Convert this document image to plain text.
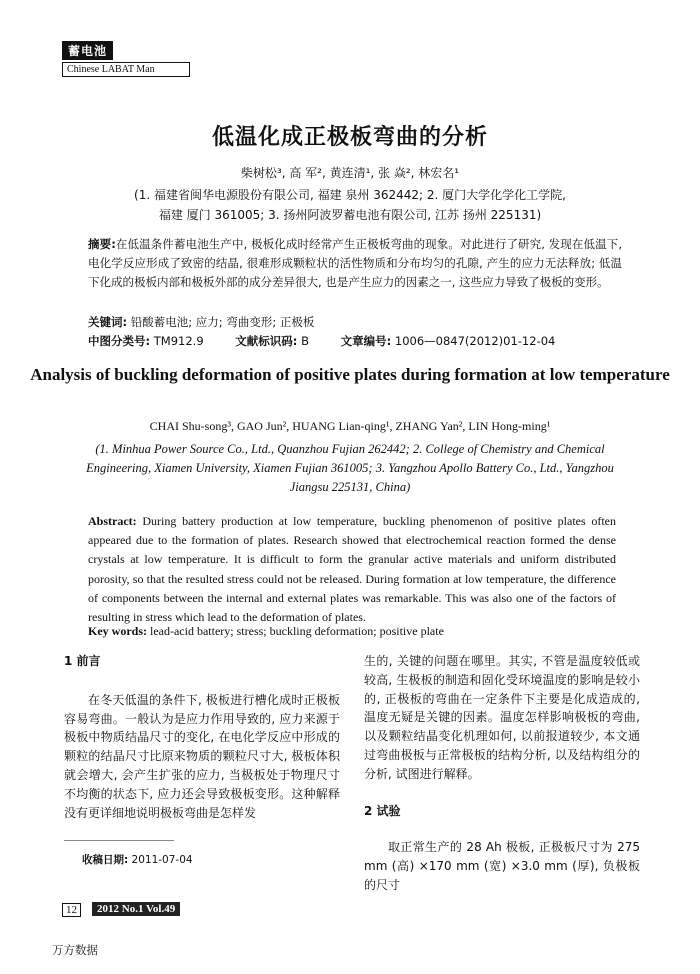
蓄电池
Chinese LABAT Man
低温化成正极板弯曲的分析
柴树松³, 高 军², 黄连清¹, 张 焱², 林宏名¹
(1. 福建省闽华电源股份有限公司, 福建 泉州 362442; 2. 厦门大学化学化工学院,
福建 厦门 361005; 3. 扬州阿波罗蓄电池有限公司, 江苏 扬州 225131)
摘要:在低温条件蓄电池生产中, 极板化成时经常产生正极板弯曲的现象。对此进行了研究, 发现在低温下, 电化学反应形成了致密的结晶, 很难形成颗粒状的活性物质和分布均匀的孔隙, 产生的应力无法释放; 低温下化成的极板内部和极板外部的成分差异很大, 也是产生应力的因素之一, 这些应力导致了极板的变形。
关键词: 铅酸蓄电池; 应力; 弯曲变形; 正极板
中图分类号: TM912.9	文献标识码: B	文章编号: 1006—0847(2012)01-12-04
Analysis of buckling deformation of positive plates during formation at low temperature
CHAI Shu-song³, GAO Jun², HUANG Lian-qing¹, ZHANG Yan², LIN Hong-ming¹
(1. Minhua Power Source Co., Ltd., Quanzhou Fujian 262442; 2. College of Chemistry and Chemical Engineering, Xiamen University, Xiamen Fujian 361005; 3. Yangzhou Apollo Battery Co., Ltd., Yangzhou Jiangsu 225131, China)
Abstract: During battery production at low temperature, buckling phenomenon of positive plates often appeared due to the formation of plates. Research showed that electrochemical reaction formed the dense crystals at low temperature. It is difficult to form the granular active materials and uniform distributed porosity, so that the resulted stress could not be released. During formation at low temperature, the difference of components between the internal and external plates was remarkable. This was also one of the factors of resulting in stress which lead to the deformation of plates.
Key words: lead-acid battery; stress; buckling deformation; positive plate
1 前言

在冬天低温的条件下, 极板进行槽化成时正极板容易弯曲。一般认为是应力作用导致的, 应力来源于极板中物质结晶尺寸的变化, 在电化学反应中形成的颗粒的结晶尺寸比原来物质的颗粒尺寸大, 极板体积就会增大, 会产生扩张的应力, 当极板处于物理尺寸不均衡的状态下, 应力还会导致极板变形。这种解释没有更详细地说明极板弯曲是怎样发

生的, 关键的问题在哪里。其实, 不管是温度较低或较高, 生极板的制造和固化受环境温度的影响是较小的, 正极板的弯曲在一定条件下主要是化成造成的, 温度无疑是关键的因素。温度怎样影响极板的弯曲, 以及颗粒结晶变化机理如何, 以前报道较少, 本文通过弯曲极板与正常极板的结构分析, 以及结构组分的分析, 试图进行解释。

2 试验

取正常生产的 28 Ah 极板, 正极板尺寸为 275 mm (高) ×170 mm (宽) ×3.0 mm (厚), 负极板的尺寸

收稿日期: 2011-07-04
12	2012 No.1 Vol.49
万方数据
